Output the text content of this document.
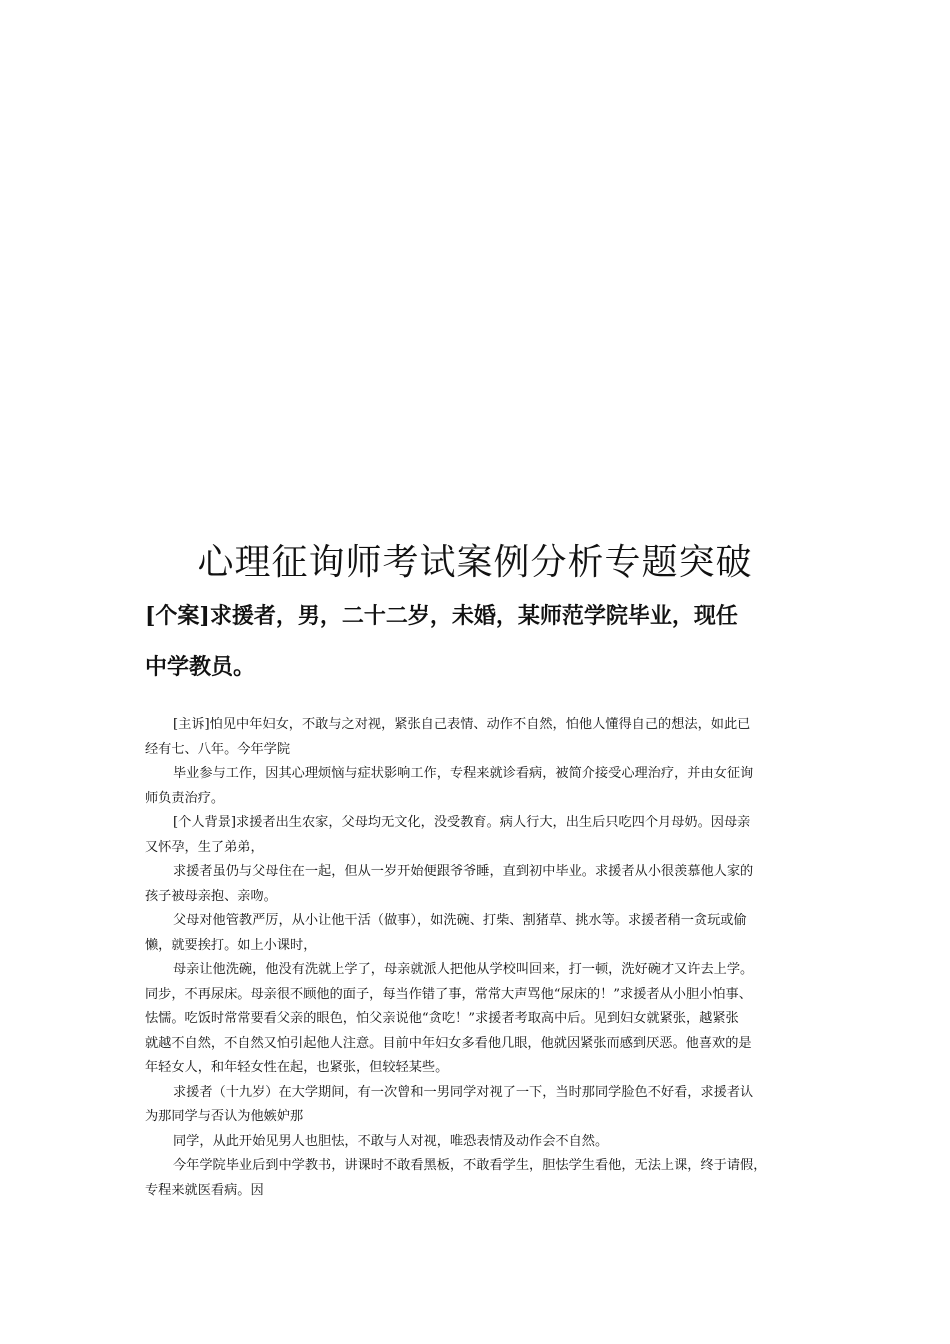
心理征询师考试案例分析专题突破
[个案]求援者，男，二十二岁，未婚，某师范学院毕业，现任
中学教员。
[主诉]怕见中年妇女，不敢与之对视，紧张自己表情、动作不自然，怕他人懂得自己的想法，如此已
经有七、八年。今年学院
毕业参与工作，因其心理烦恼与症状影响工作，专程来就诊看病，被简介接受心理治疗，并由女征询
师负责治疗。
[个人背景]求援者出生农家，父母均无文化，没受教育。病人行大，出生后只吃四个月母奶。因母亲
又怀孕，生了弟弟，
求援者虽仍与父母住在一起，但从一岁开始便跟爷爷睡，直到初中毕业。求援者从小很羡慕他人家的
孩子被母亲抱、亲吻。
父母对他管教严厉，从小让他干活（做事），如洗碗、打柴、割猪草、挑水等。求援者稍一贪玩或偷
懒，就要挨打。如上小课时，
母亲让他洗碗，他没有洗就上学了，母亲就派人把他从学校叫回来，打一顿，洗好碗才又许去上学。
同步，不再尿床。母亲很不顾他的面子，每当作错了事，常常大声骂他“尿床的！”求援者从小胆小怕事、
怯懦。吃饭时常常要看父亲的眼色，怕父亲说他“贪吃！”求援者考取高中后。见到妇女就紧张，越紧张
就越不自然，不自然又怕引起他人注意。目前中年妇女多看他几眼，他就因紧张而感到厌恶。他喜欢的是
年轻女人，和年轻女性在起，也紧张，但较轻某些。
求援者（十九岁）在大学期间，有一次曾和一男同学对视了一下，当时那同学脸色不好看，求援者认
为那同学与否认为他嫉妒那
同学，从此开始见男人也胆怯，不敢与人对视，唯恐表情及动作会不自然。
今年学院毕业后到中学教书，讲课时不敢看黑板，不敢看学生，胆怯学生看他，无法上课，终于请假，
专程来就医看病。因
